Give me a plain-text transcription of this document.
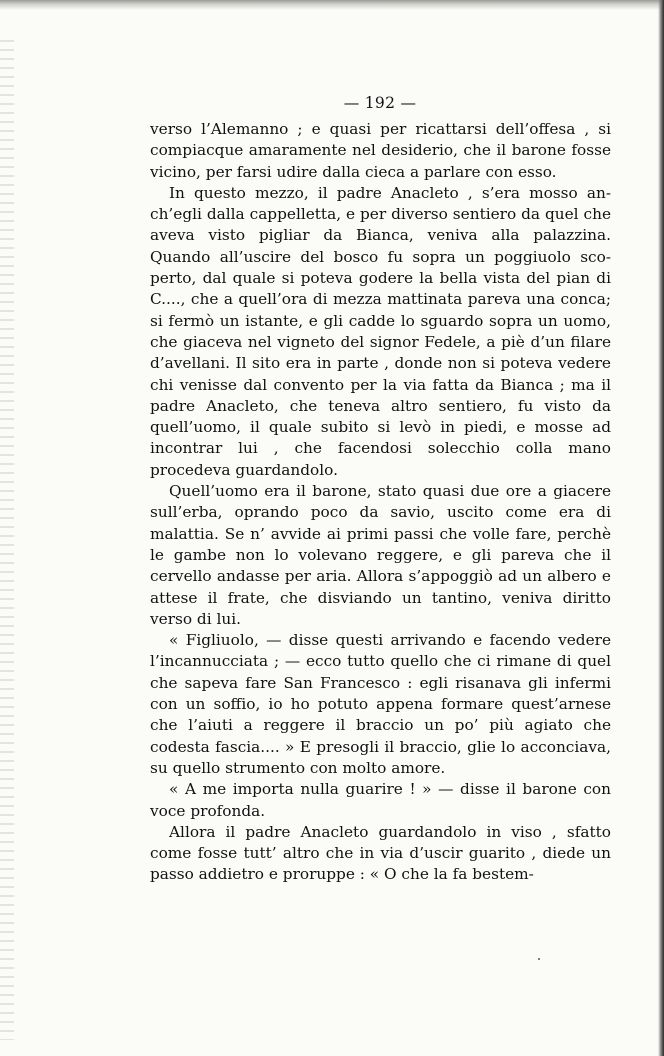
— 192 —

verso l’Alemanno ; e quasi per ricattarsi dell’offesa , si compiacque amaramente nel desiderio, che il barone fosse vicino, per farsi udire dalla cieca a parlare con esso.

In questo mezzo, il padre Anacleto , s’era mosso anch’egli dalla cappelletta, e per diverso sentiero da quel che aveva visto pigliar da Bianca, veniva alla palazzina. Quando all’uscire del bosco fu sopra un poggiuolo scoperto, dal quale si poteva godere la bella vista del pian di C...., che a quell’ora di mezza mattinata pareva una conca; si fermò un istante, e gli cadde lo sguardo sopra un uomo, che giaceva nel vigneto del signor Fedele, a piè d’un filare d’avellani. Il sito era in parte , donde non si poteva vedere chi venisse dal convento per la via fatta da Bianca ; ma il padre Anacleto, che teneva altro sentiero, fu visto da quell’uomo, il quale subito si levò in piedi, e mosse ad incontrar lui , che facendosi solecchio colla mano procedeva guardandolo.

Quell’uomo era il barone, stato quasi due ore a giacere sull’erba, oprando poco da savio, uscito come era di malattia. Se n’ avvide ai primi passi che volle fare, perchè le gambe non lo volevano reggere, e gli pareva che il cervello andasse per aria. Allora s’appoggiò ad un albero e attese il frate, che disviando un tantino, veniva diritto verso di lui.

« Figliuolo, — disse questi arrivando e facendo vedere l’incannucciata ; — ecco tutto quello che ci rimane di quel che sapeva fare San Francesco : egli risanava gli infermi con un soffio, io ho potuto appena formare quest’arnese che l’aiuti a reggere il braccio un po’ più agiato che codesta fascia.... » E presogli il braccio, glie lo acconciava, su quello strumento con molto amore.

« A me importa nulla guarire ! » — disse il barone con voce profonda.

Allora il padre Anacleto guardandolo in viso , sfatto come fosse tutt’ altro che in via d’uscir guarito , diede un passo addietro e proruppe : « O che la fa bestem-
